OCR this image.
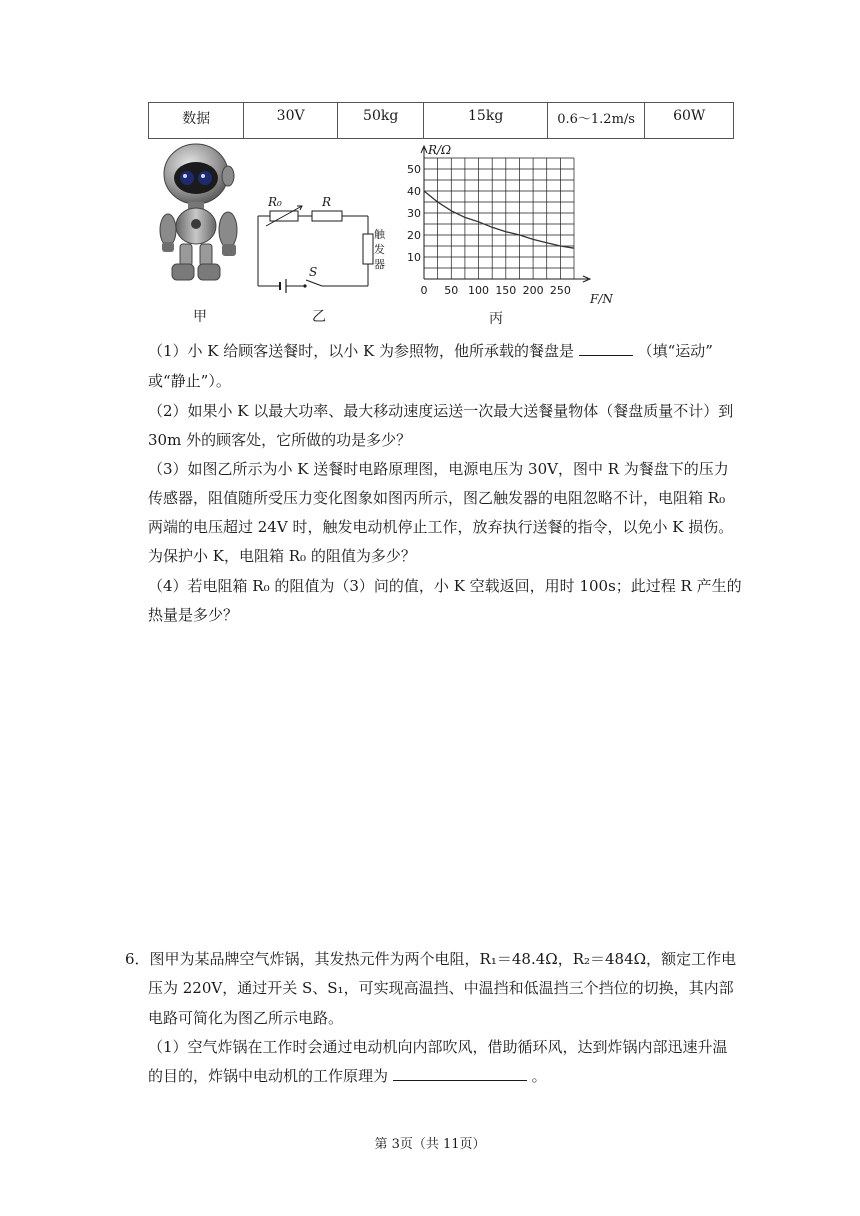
数据	30V	50kg	15kg	0.6～1.2m/s	60W
甲
R₀	R
S
触
发
器
乙
10
20
30
40
50
0 50 100 150 200 250
R/Ω
F/N
丙
（1）小 K 给顾客送餐时，以小 K 为参照物，他所承载的餐盘是	（填“运动”
或“静止”）。
（2）如果小 K 以最大功率、最大移动速度运送一次最大送餐量物体（餐盘质量不计）到
30m 外的顾客处，它所做的功是多少？
（3）如图乙所示为小 K 送餐时电路原理图，电源电压为 30V，图中 R 为餐盘下的压力
传感器，阻值随所受压力变化图象如图丙所示，图乙触发器的电阻忽略不计，电阻箱 R₀
两端的电压超过 24V 时，触发电动机停止工作，放弃执行送餐的指令，以免小 K 损伤。
为保护小 K，电阻箱 R₀ 的阻值为多少？
（4）若电阻箱 R₀ 的阻值为（3）问的值，小 K 空载返回，用时 100s；此过程 R 产生的
热量是多少？
6．图甲为某品牌空气炸锅，其发热元件为两个电阻，R₁＝48.4Ω，R₂＝484Ω，额定工作电
压为 220V，通过开关 S、S₁，可实现高温挡、中温挡和低温挡三个挡位的切换，其内部
电路可简化为图乙所示电路。
（1）空气炸锅在工作时会通过电动机向内部吹风，借助循环风，达到炸锅内部迅速升温
的目的，炸锅中电动机的工作原理为	。
第 3页（共 11页）
